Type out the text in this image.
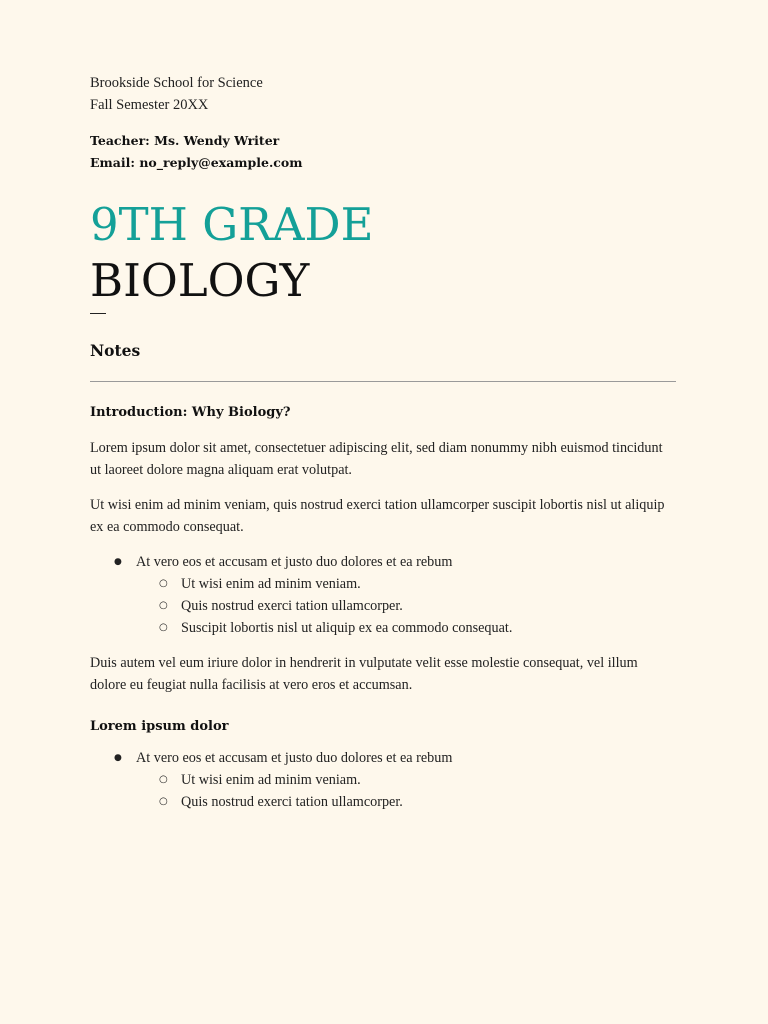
Brookside School for Science
Fall Semester 20XX
Teacher: Ms. Wendy Writer
Email: no_reply@example.com
9TH GRADE
BIOLOGY
Notes
Introduction: Why Biology?
Lorem ipsum dolor sit amet, consectetuer adipiscing elit, sed diam nonummy nibh euismod tincidunt ut laoreet dolore magna aliquam erat volutpat.
Ut wisi enim ad minim veniam, quis nostrud exerci tation ullamcorper suscipit lobortis nisl ut aliquip ex ea commodo consequat.
● At vero eos et accusam et justo duo dolores et ea rebum
○ Ut wisi enim ad minim veniam.
○ Quis nostrud exerci tation ullamcorper.
○ Suscipit lobortis nisl ut aliquip ex ea commodo consequat.
Duis autem vel eum iriure dolor in hendrerit in vulputate velit esse molestie consequat, vel illum dolore eu feugiat nulla facilisis at vero eros et accumsan.
Lorem ipsum dolor
● At vero eos et accusam et justo duo dolores et ea rebum
○ Ut wisi enim ad minim veniam.
○ Quis nostrud exerci tation ullamcorper.
